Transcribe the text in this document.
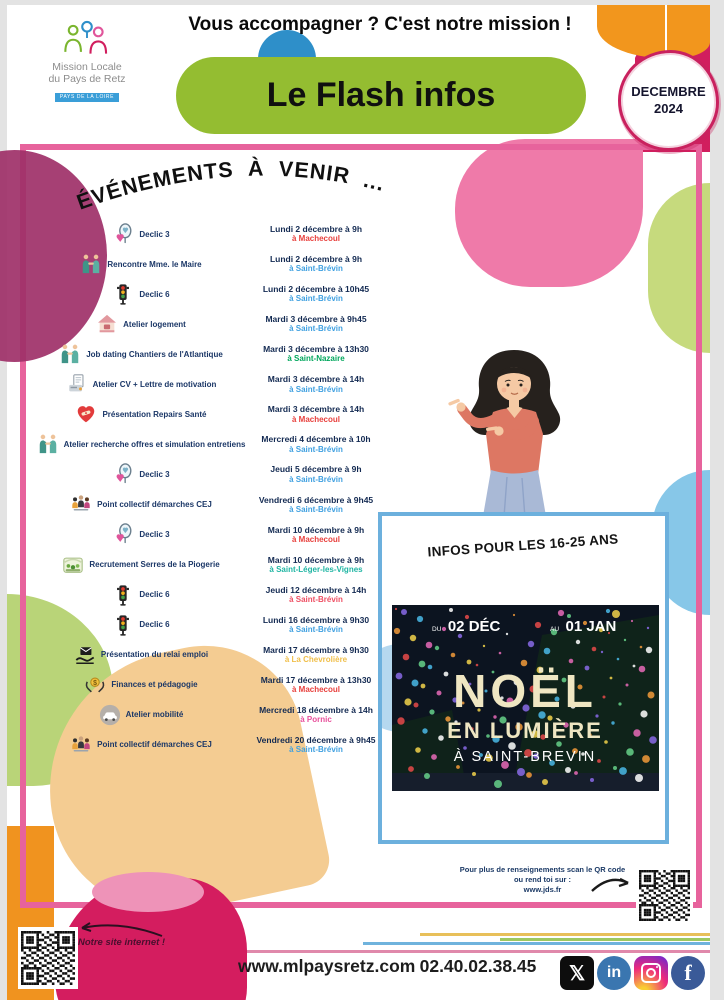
Vous accompagner ? C'est notre mission !
Mission Locale
du Pays de Retz
PAYS DE LA LOIRE	Le Flash infos	DECEMBRE
2024
ÉVÉNEMENTS À VENIR ...
Declic 3	Lundi 2 décembre à 9h
à Machecoul
Rencontre Mme. le Maire	Lundi 2 décembre à 9h
à Saint-Brévin
Declic 6	Lundi 2 décembre à 10h45
à Saint-Brévin
Atelier logement	Mardi 3 décembre à 9h45
à Saint-Brévin
Job dating Chantiers de l'Atlantique	Mardi 3 décembre à 13h30
à Saint-Nazaire
Atelier CV + Lettre de motivation	Mardi 3 décembre à 14h
à Saint-Brévin
Présentation Repairs Santé	Mardi 3 décembre à 14h
à Machecoul
Atelier recherche offres et simulation entretiens	Mercredi 4 décembre à 10h
à Saint-Brévin
Declic 3	Jeudi 5 décembre à 9h
à Saint-Brévin
Point collectif démarches CEJ	Vendredi 6 décembre à 9h45
à Saint-Brévin
Declic 3	Mardi 10 décembre à 9h
à Machecoul
Recrutement Serres de la Piogerie	Mardi 10 décembre à 9h
à Saint-Léger-les-Vignes
Declic 6	Jeudi 12 décembre à 14h
à Saint-Brévin
Declic 6	Lundi 16 décembre à 9h30
à Saint-Brévin
Présentation du relai emploi	Mardi 17 décembre à 9h30
à La Chevrolière
$ Finances et pédagogie	Mardi 17 décembre à 13h30
à Machecoul
Atelier mobilité	Mercredi 18 décembre à 14h
à Pornic
Point collectif démarches CEJ	Vendredi 20 décembre à 9h45
à Saint-Brévin
INFOS POUR LES 16-25 ANS
DU 02 DÉC	AU 01 JAN
NOËL
EN LUMIÈRE
À SAINT-BREVIN
Pour plus de renseignements scan le QR code
ou rend toi sur :
www.jds.fr
Notre site internet !
www.mlpaysretz.com 02.40.02.38.45	𝕏	in	f
